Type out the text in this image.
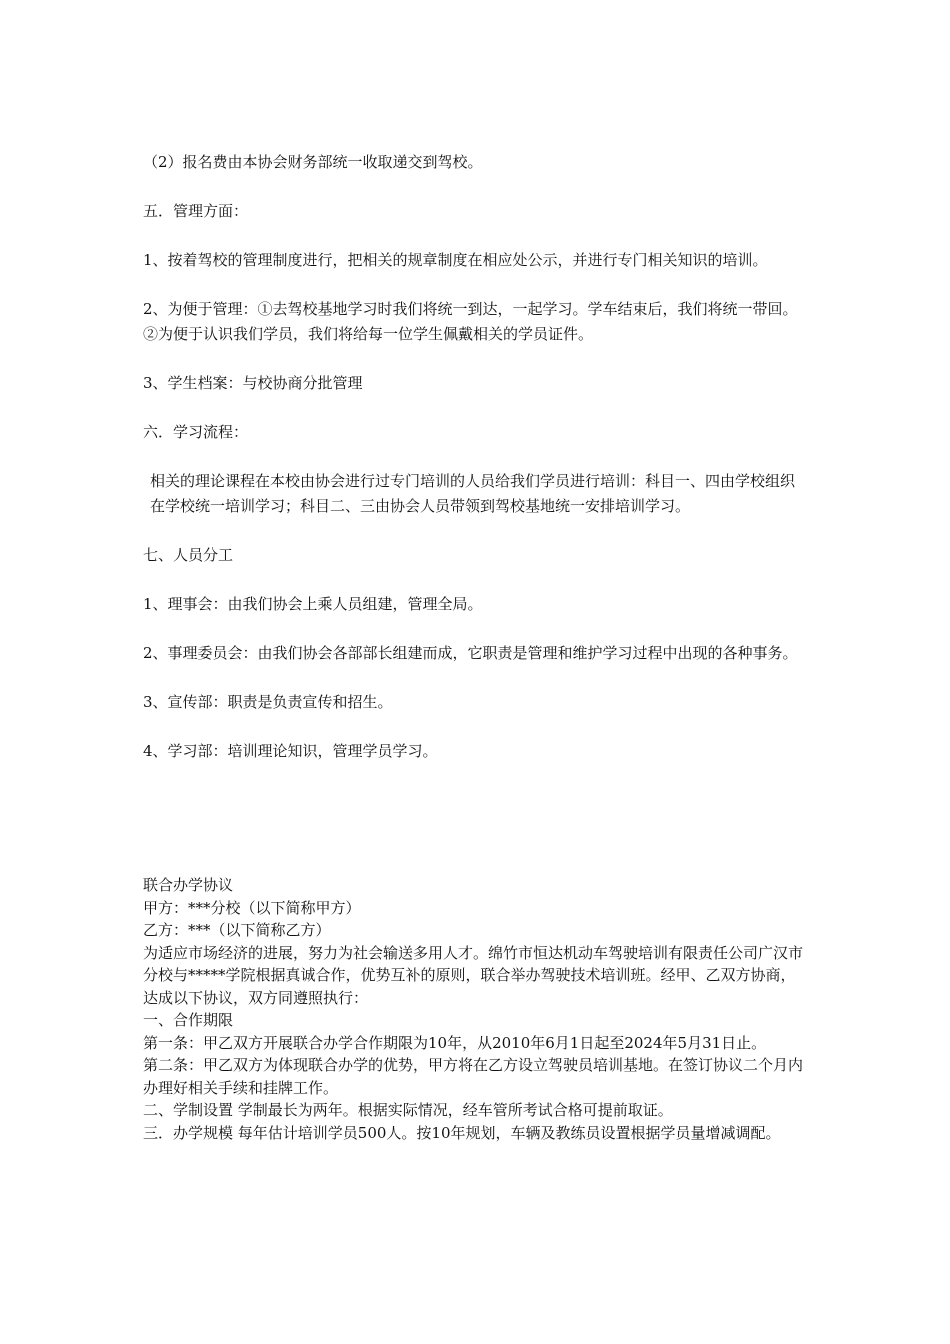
（2）报名费由本协会财务部统一收取递交到驾校。

五．管理方面：

1、按着驾校的管理制度进行，把相关的规章制度在相应处公示，并进行专门相关知识的培训。

2、为便于管理：①去驾校基地学习时我们将统一到达，一起学习。学车结束后，我们将统一带回。②为便于认识我们学员，我们将给每一位学生佩戴相关的学员证件。

3、学生档案：与校协商分批管理

六．学习流程：

相关的理论课程在本校由协会进行过专门培训的人员给我们学员进行培训：科目一、四由学校组织在学校统一培训学习；科目二、三由协会人员带领到驾校基地统一安排培训学习。

七、人员分工

1、理事会：由我们协会上乘人员组建，管理全局。

2、事理委员会：由我们协会各部部长组建而成，它职责是管理和维护学习过程中出现的各种事务。

3、宣传部：职责是负责宣传和招生。

4、学习部：培训理论知识，管理学员学习。

联合办学协议

甲方：***分校（以下简称甲方）

乙方：***（以下简称乙方）

为适应市场经济的进展，努力为社会输送多用人才。绵竹市恒达机动车驾驶培训有限责任公司广汉市分校与*****学院根据真诚合作，优势互补的原则，联合举办驾驶技术培训班。经甲、乙双方协商，达成以下协议，双方同遵照执行：

一、合作期限

第一条：甲乙双方开展联合办学合作期限为10年，从2010年6月1日起至2024年5月31日止。

第二条：甲乙双方为体现联合办学的优势，甲方将在乙方设立驾驶员培训基地。在签订协议二个月内办理好相关手续和挂牌工作。

二、学制设置 学制最长为两年。根据实际情况，经车管所考试合格可提前取证。

三．办学规模 每年估计培训学员500人。按10年规划，车辆及教练员设置根据学员量增减调配。
